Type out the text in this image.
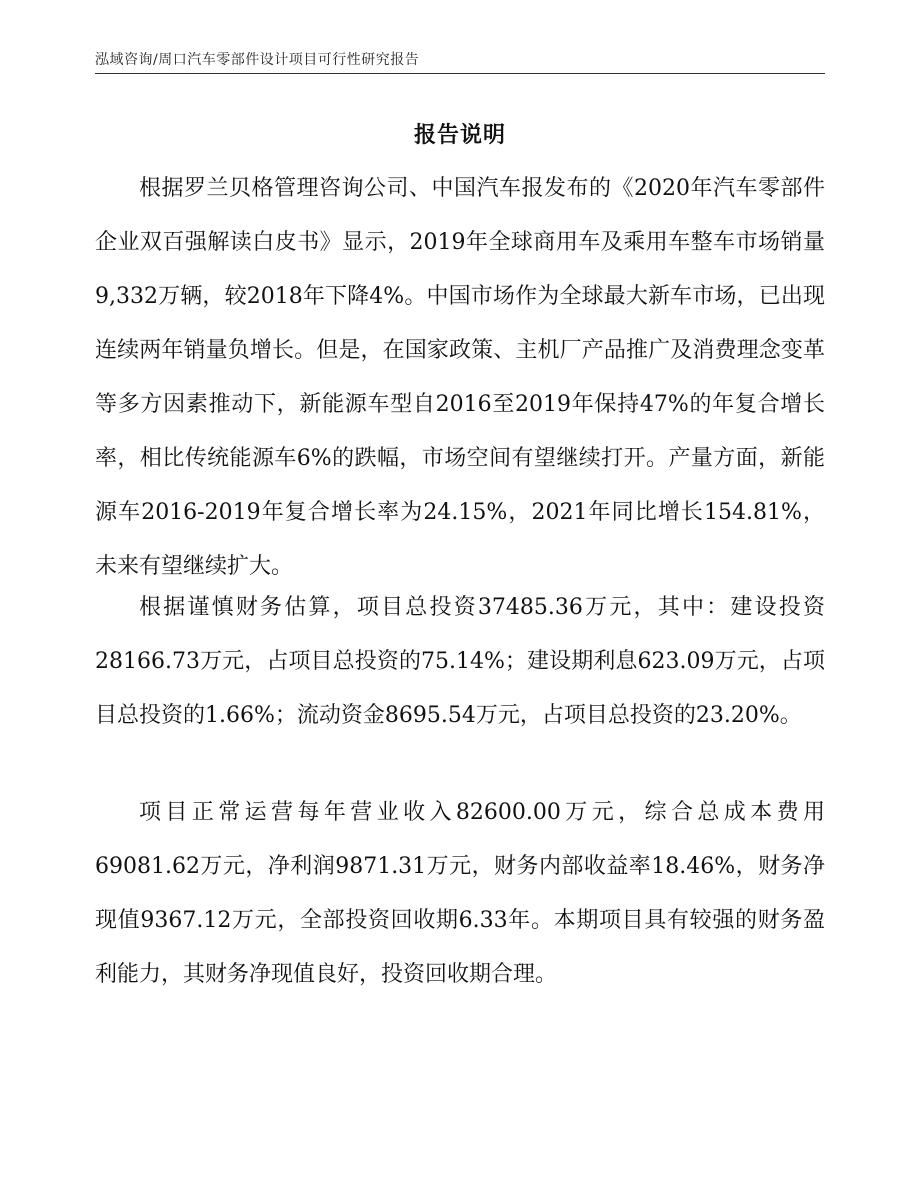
泓域咨询/周口汽车零部件设计项目可行性研究报告
报告说明

根据罗兰贝格管理咨询公司、中国汽车报发布的《2020年汽车零部件企业双百强解读白皮书》显示，2019年全球商用车及乘用车整车市场销量9,332万辆，较2018年下降4%。中国市场作为全球最大新车市场，已出现连续两年销量负增长。但是，在国家政策、主机厂产品推广及消费理念变革等多方因素推动下，新能源车型自2016至2019年保持47%的年复合增长率，相比传统能源车6%的跌幅，市场空间有望继续打开。产量方面，新能源车2016-2019年复合增长率为24.15%，2021年同比增长154.81%，未来有望继续扩大。

根据谨慎财务估算，项目总投资37485.36万元，其中：建设投资28166.73万元，占项目总投资的75.14%；建设期利息623.09万元，占项目总投资的1.66%；流动资金8695.54万元，占项目总投资的23.20%。

项目正常运营每年营业收入82600.00万元，综合总成本费用69081.62万元，净利润9871.31万元，财务内部收益率18.46%，财务净现值9367.12万元，全部投资回收期6.33年。本期项目具有较强的财务盈利能力，其财务净现值良好，投资回收期合理。
